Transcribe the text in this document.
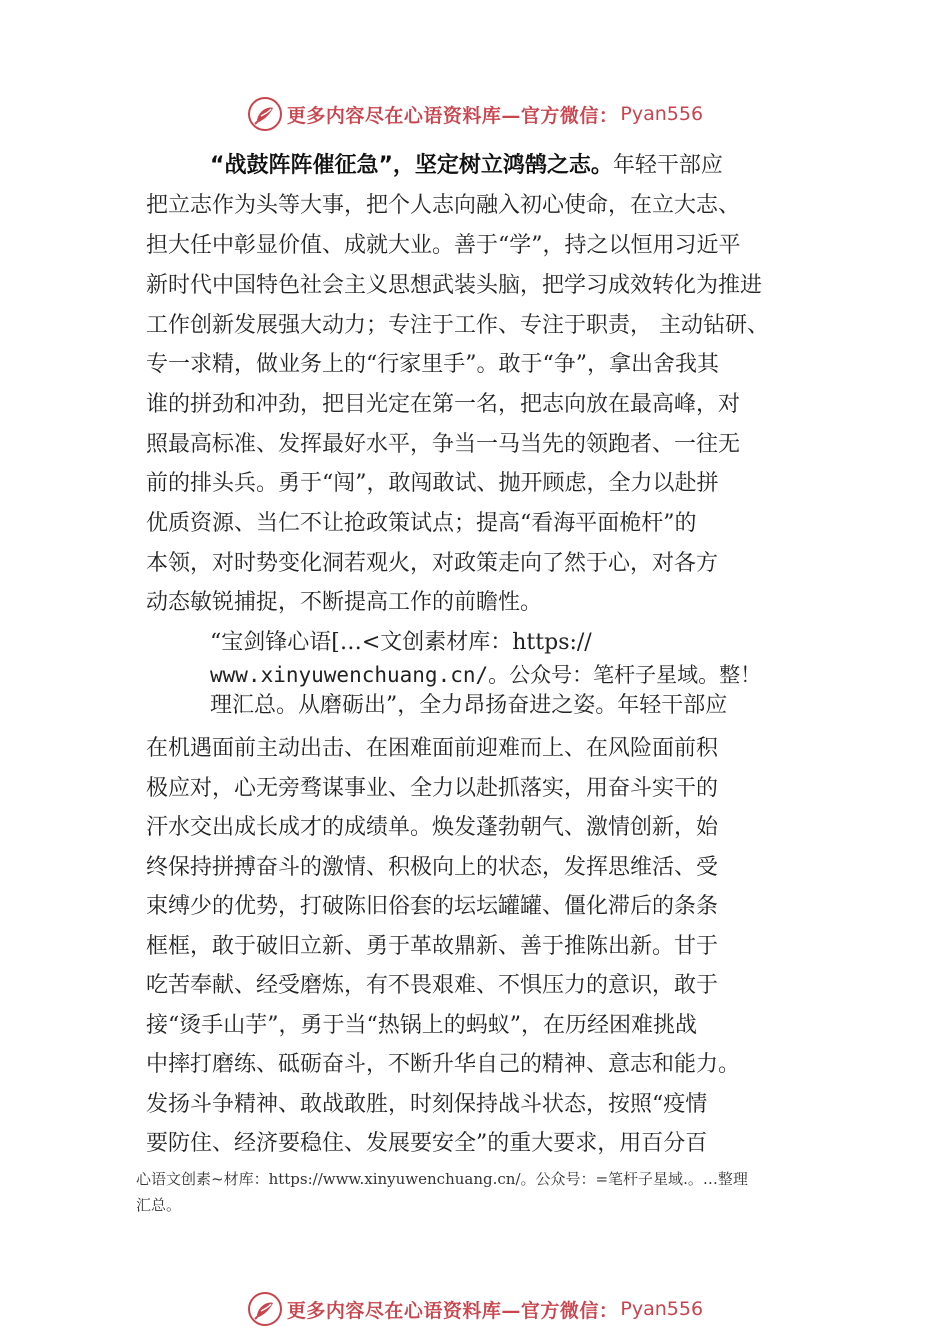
更多内容尽在心语资料库—官方微信： Pyan556
“战鼓阵阵催征急”，坚定树立鸿鹄之志。年轻干部应
把立志作为头等大事，把个人志向融入初心使命，在立大志、
担大任中彰显价值、成就大业。善于“学”，持之以恒用习近平
新时代中国特色社会主义思想武装头脑，把学习成效转化为推进
工作创新发展强大动力；专注于工作、专注于职责， 主动钻研、
专一求精，做业务上的“行家里手”。敢于“争”，拿出舍我其
谁的拼劲和冲劲，把目光定在第一名，把志向放在最高峰，对
照最高标准、发挥最好水平，争当一马当先的领跑者、一往无
前的排头兵。勇于“闯”，敢闯敢试、抛开顾虑，全力以赴拼
优质资源、当仁不让抢政策试点；提高“看海平面桅杆”的
本领，对时势变化洞若观火，对政策走向了然于心，对各方
动态敏锐捕捉，不断提高工作的前瞻性。
“宝剑锋心语[…<文创素材库：https://
www.xinyuwenchuang.cn/。公众号：笔杆子星域。整！
理汇总。从磨砺出”，全力昂扬奋进之姿。年轻干部应
在机遇面前主动出击、在困难面前迎难而上、在风险面前积
极应对，心无旁骛谋事业、全力以赴抓落实，用奋斗实干的
汗水交出成长成才的成绩单。焕发蓬勃朝气、激情创新，始
终保持拼搏奋斗的激情、积极向上的状态，发挥思维活、受
束缚少的优势，打破陈旧俗套的坛坛罐罐、僵化滞后的条条
框框，敢于破旧立新、勇于革故鼎新、善于推陈出新。甘于
吃苦奉献、经受磨炼，有不畏艰难、不惧压力的意识，敢于
接“烫手山芋”，勇于当“热锅上的蚂蚁”，在历经困难挑战
中摔打磨练、砥砺奋斗，不断升华自己的精神、意志和能力。
发扬斗争精神、敢战敢胜，时刻保持战斗状态，按照“疫情
要防住、经济要稳住、发展要安全”的重大要求，用百分百
心语文创素~材库：https://www.xinyuwenchuang.cn/。公众号：=笔杆子星域.。…整理
汇总。
更多内容尽在心语资料库—官方微信： Pyan556
